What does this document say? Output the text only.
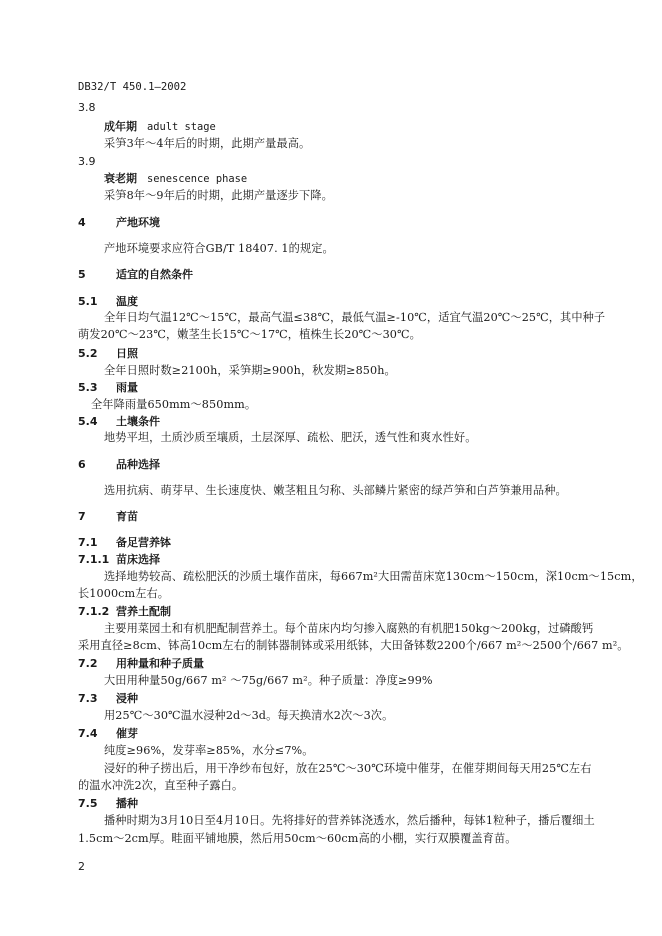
DB32/T 450.1—2002
3.8
成年期 adult stage
采笋3年～4年后的时期，此期产量最高。
3.9
衰老期 senescence phase
采笋8年～9年后的时期，此期产量逐步下降。
4	产地环境
产地环境要求应符合GB/T 18407. 1的规定。
5	适宜的自然条件
5.1 温度
全年日均气温12℃～15℃，最高气温≤38℃，最低气温≥-10℃，适宜气温20℃～25℃，其中种子
萌发20℃～23℃，嫩茎生长15℃～17℃，植株生长20℃～30℃。
5.2 日照
全年日照时数≥2100h，采笋期≥900h，秋发期≥850h。
5.3 雨量
全年降雨量650mm～850mm。
5.4 土壤条件
地势平坦，土质沙质至壤质，土层深厚、疏松、肥沃，透气性和爽水性好。
6	品种选择
选用抗病、萌芽早、生长速度快、嫩茎粗且匀称、头部鳞片紧密的绿芦笋和白芦笋兼用品种。
7	育苗
7.1 备足营养钵
7.1.1 苗床选择
选择地势较高、疏松肥沃的沙质土壤作苗床，每667m²大田需苗床宽130cm～150cm，深10cm～15cm，
长1000cm左右。
7.1.2 营养土配制
主要用菜园土和有机肥配制营养土。每个苗床内均匀掺入腐熟的有机肥150kg～200kg，过磷酸钙
采用直径≥8cm、钵高10cm左右的制钵器制钵或采用纸钵，大田备钵数2200个/667 m²～2500个/667 m²。
7.2 用种量和种子质量
大田用种量50g/667 m² ～75g/667 m²。种子质量：净度≥99%
7.3 浸种
用25℃～30℃温水浸种2d～3d。每天换清水2次～3次。
7.4 催芽
纯度≥96%，发芽率≥85%，水分≤7%。
浸好的种子捞出后，用干净纱布包好，放在25℃～30℃环境中催芽，在催芽期间每天用25℃左右
的温水冲洗2次，直至种子露白。
7.5 播种
播种时期为3月10日至4月10日。先将排好的营养钵浇透水，然后播种，每钵1粒种子，播后覆细土
1.5cm～2cm厚。畦面平铺地膜，然后用50cm～60cm高的小棚，实行双膜覆盖育苗。
2
